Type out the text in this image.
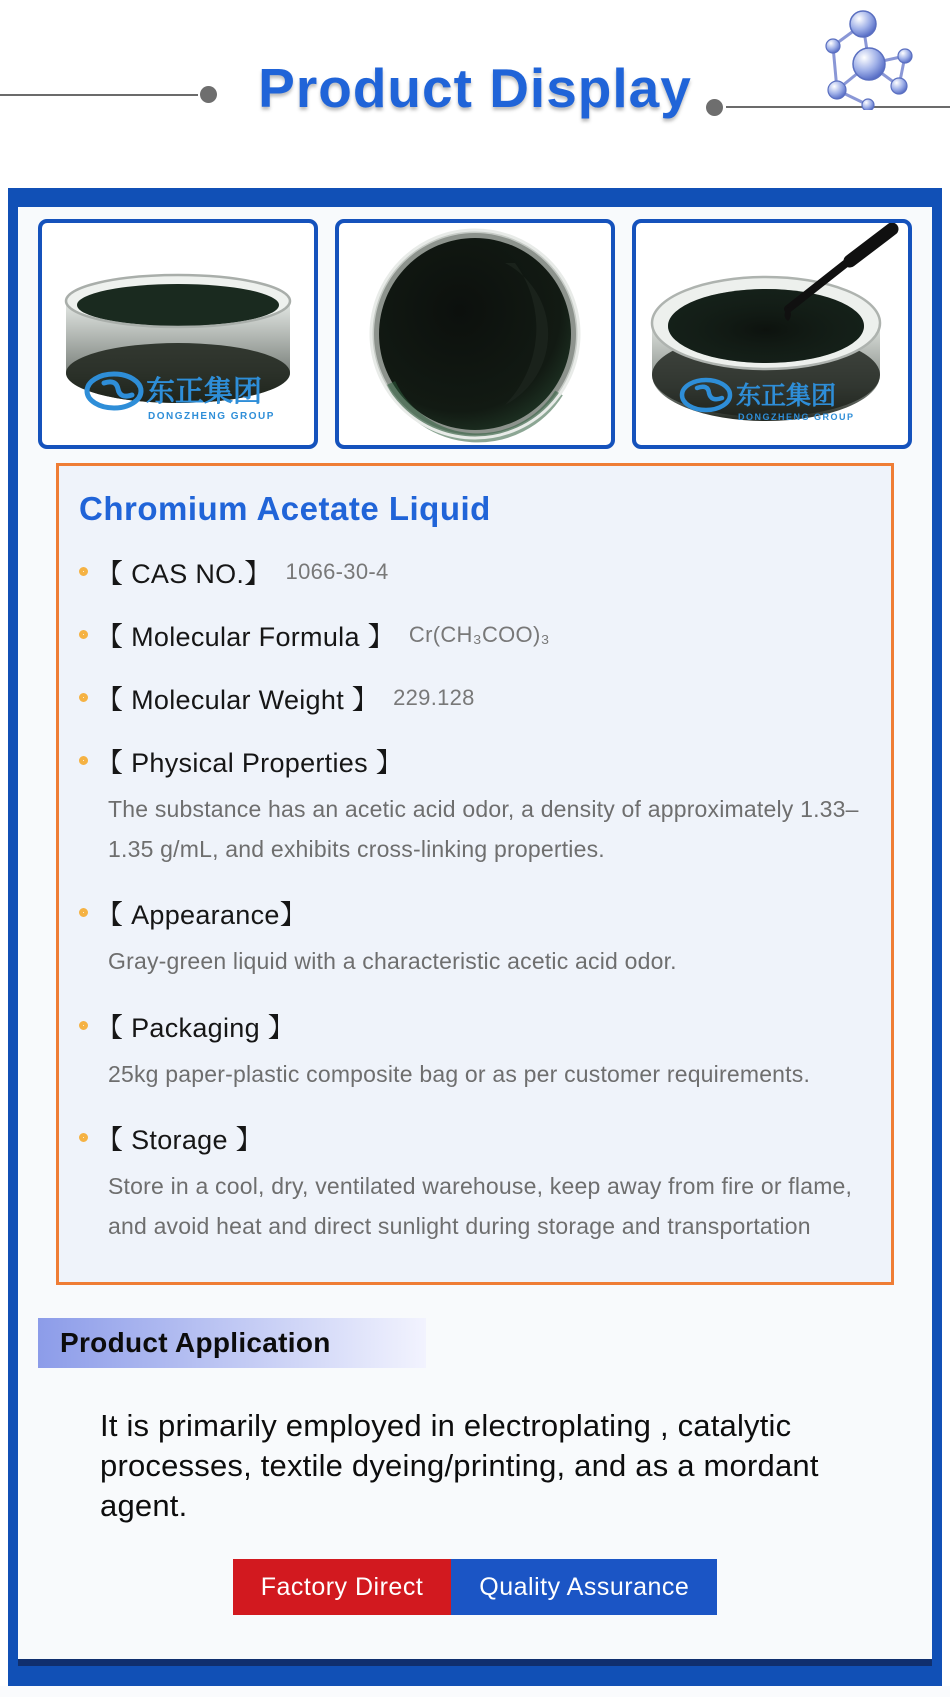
Product Display
东正集团
DONGZHENG GROUP
东正集团
DONGZHENG GROUP
Chromium Acetate Liquid
【 CAS NO.】 1066-30-4
【 Molecular Formula 】 Cr(CH₃COO)₃
【 Molecular Weight 】 229.128
【 Physical Properties 】

The substance has an acetic acid odor, a density of approximately 1.33–1.35 g/mL, and exhibits cross-linking properties.

【 Appearance】

Gray-green liquid with a characteristic acetic acid odor.

【 Packaging 】

25kg paper-plastic composite bag or as per customer requirements.

【 Storage 】

Store in a cool, dry, ventilated warehouse, keep away from fire or flame, and avoid heat and direct sunlight during storage and transportation

Product Application

It is primarily employed in electroplating , catalytic processes, textile dyeing/printing, and as a mordant agent.

Factory Direct	Quality Assurance
